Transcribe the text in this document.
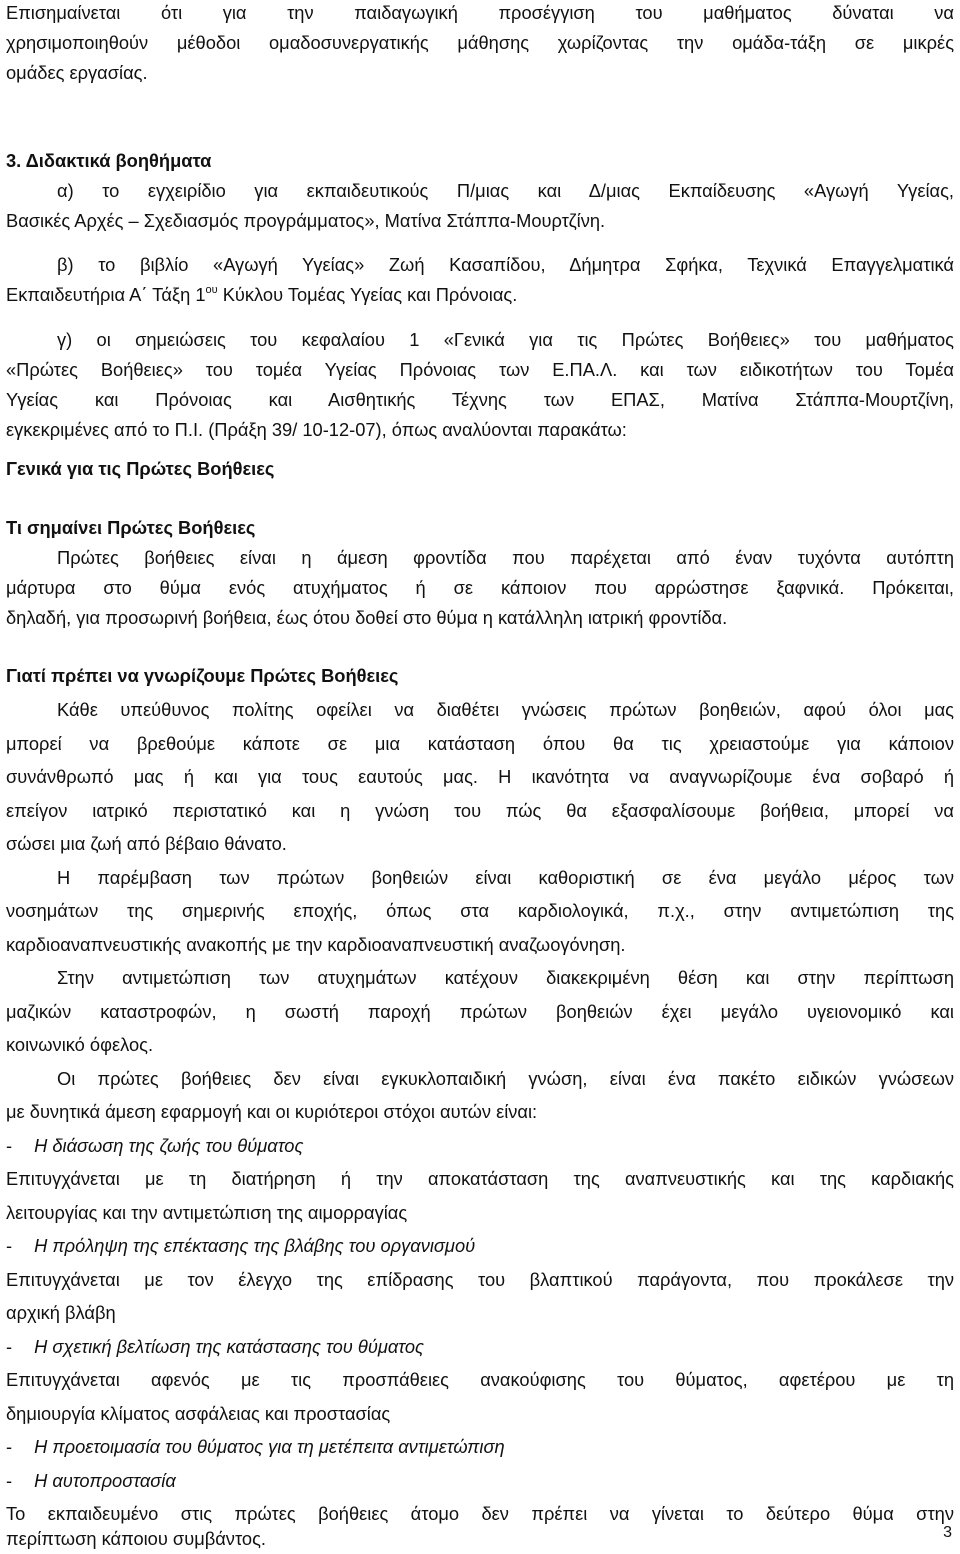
Επισημαίνεται ότι για την παιδαγωγική προσέγγιση του μαθήματος δύναται να
χρησιμοποιηθούν μέθοδοι ομαδοσυνεργατικής μάθησης χωρίζοντας την ομάδα-τάξη σε μικρές
ομάδες εργασίας.
3. Διδακτικά βοηθήματα
α) το εγχειρίδιο για εκπαιδευτικούς Π/μιας και Δ/μιας Εκπαίδευσης «Αγωγή Υγείας,
Βασικές Αρχές – Σχεδιασμός προγράμματος», Ματίνα Στάππα-Μουρτζίνη.
β) το βιβλίο «Αγωγή Υγείας» Ζωή Κασαπίδου, Δήμητρα Σφήκα, Τεχνικά Επαγγελματικά
Εκπαιδευτήρια Α΄ Τάξη $1^{o\upsilon}$ Κύκλου Τομέας Υγείας και Πρόνοιας.
γ) οι σημειώσεις του κεφαλαίου 1 «Γενικά για τις Πρώτες Βοήθειες» του μαθήματος
«Πρώτες Βοήθειες» του τομέα Υγείας Πρόνοιας των Ε.ΠΑ.Λ. και των ειδικοτήτων του Τομέα
Υγείας και Πρόνοιας και Αισθητικής Τέχνης των ΕΠΑΣ, Ματίνα Στάππα-Μουρτζίνη,
εγκεκριμένες από το Π.Ι. (Πράξη 39/ 10-12-07), όπως αναλύονται παρακάτω:
Γενικά για τις Πρώτες Βοήθειες
Τι σημαίνει Πρώτες Βοήθειες
Πρώτες βοήθειες είναι η άμεση φροντίδα που παρέχεται από έναν τυχόντα αυτόπτη
μάρτυρα στο θύμα ενός ατυχήματος ή σε κάποιον που αρρώστησε ξαφνικά. Πρόκειται,
δηλαδή, για προσωρινή βοήθεια, έως ότου δοθεί στο θύμα η κατάλληλη ιατρική φροντίδα.
Γιατί πρέπει να γνωρίζουμε Πρώτες Βοήθειες
Κάθε υπεύθυνος πολίτης οφείλει να διαθέτει γνώσεις πρώτων βοηθειών, αφού όλοι μας
μπορεί να βρεθούμε κάποτε σε μια κατάσταση όπου θα τις χρειαστούμε για κάποιον
συνάνθρωπό μας ή και για τους εαυτούς μας. Η ικανότητα να αναγνωρίζουμε ένα σοβαρό ή
επείγον ιατρικό περιστατικό και η γνώση του πώς θα εξασφαλίσουμε βοήθεια, μπορεί να
σώσει μια ζωή από βέβαιο θάνατο.
Η παρέμβαση των πρώτων βοηθειών είναι καθοριστική σε ένα μεγάλο μέρος των
νοσημάτων της σημερινής εποχής, όπως στα καρδιολογικά, π.χ., στην αντιμετώπιση της
καρδιοαναπνευστικής ανακοπής με την καρδιοαναπνευστική αναζωογόνηση.
Στην αντιμετώπιση των ατυχημάτων κατέχουν διακεκριμένη θέση και στην περίπτωση
μαζικών καταστροφών, η σωστή παροχή πρώτων βοηθειών έχει μεγάλο υγειονομικό και
κοινωνικό όφελος.
Οι πρώτες βοήθειες δεν είναι εγκυκλοπαιδική γνώση, είναι ένα πακέτο ειδικών γνώσεων
με δυνητικά άμεση εφαρμογή και οι κυριότεροι στόχοι αυτών είναι:
- Η διάσωση της ζωής του θύματος
Επιτυγχάνεται με τη διατήρηση ή την αποκατάσταση της αναπνευστικής και της καρδιακής
λειτουργίας και την αντιμετώπιση της αιμορραγίας
- Η πρόληψη της επέκτασης της βλάβης του οργανισμού
Επιτυγχάνεται με τον έλεγχο της επίδρασης του βλαπτικού παράγοντα, που προκάλεσε την
αρχική βλάβη
- Η σχετική βελτίωση της κατάστασης του θύματος
Επιτυγχάνεται αφενός με τις προσπάθειες ανακούφισης του θύματος, αφετέρου με τη
δημιουργία κλίματος ασφάλειας και προστασίας
- Η προετοιμασία του θύματος για τη μετέπειτα αντιμετώπιση
- Η αυτοπροστασία
Το εκπαιδευμένο στις πρώτες βοήθειες άτομο δεν πρέπει να γίνεται το δεύτερο θύμα στην
περίπτωση κάποιου συμβάντος.	3
